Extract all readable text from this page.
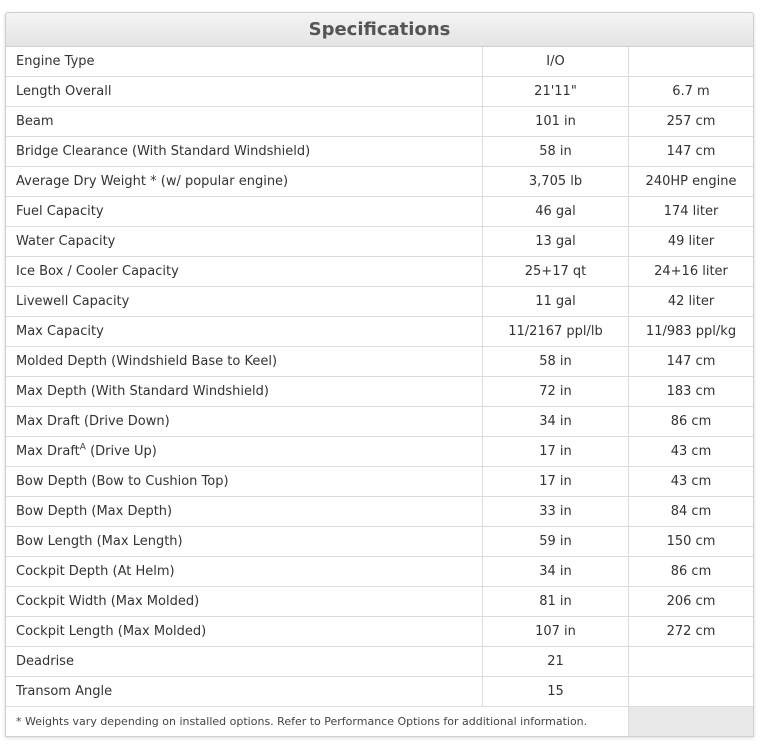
Specifications
Engine Type	I/O	
Length Overall	21'11"	6.7 m
Beam	101 in	257 cm
Bridge Clearance (With Standard Windshield)	58 in	147 cm
Average Dry Weight * (w/ popular engine)	3,705 lb	240HP engine
Fuel Capacity	46 gal	174 liter
Water Capacity	13 gal	49 liter
Ice Box / Cooler Capacity	25+17 qt	24+16 liter
Livewell Capacity	11 gal	42 liter
Max Capacity	11/2167 ppl/lb	11/983 ppl/kg
Molded Depth (Windshield Base to Keel)	58 in	147 cm
Max Depth (With Standard Windshield)	72 in	183 cm
Max Draft (Drive Down)	34 in	86 cm
Max Draft$^A$ (Drive Up)	17 in	43 cm
Bow Depth (Bow to Cushion Top)	17 in	43 cm
Bow Depth (Max Depth)	33 in	84 cm
Bow Length (Max Length)	59 in	150 cm
Cockpit Depth (At Helm)	34 in	86 cm
Cockpit Width (Max Molded)	81 in	206 cm
Cockpit Length (Max Molded)	107 in	272 cm
Deadrise	21	
Transom Angle	15	
* Weights vary depending on installed options. Refer to Performance Options for additional information.		
